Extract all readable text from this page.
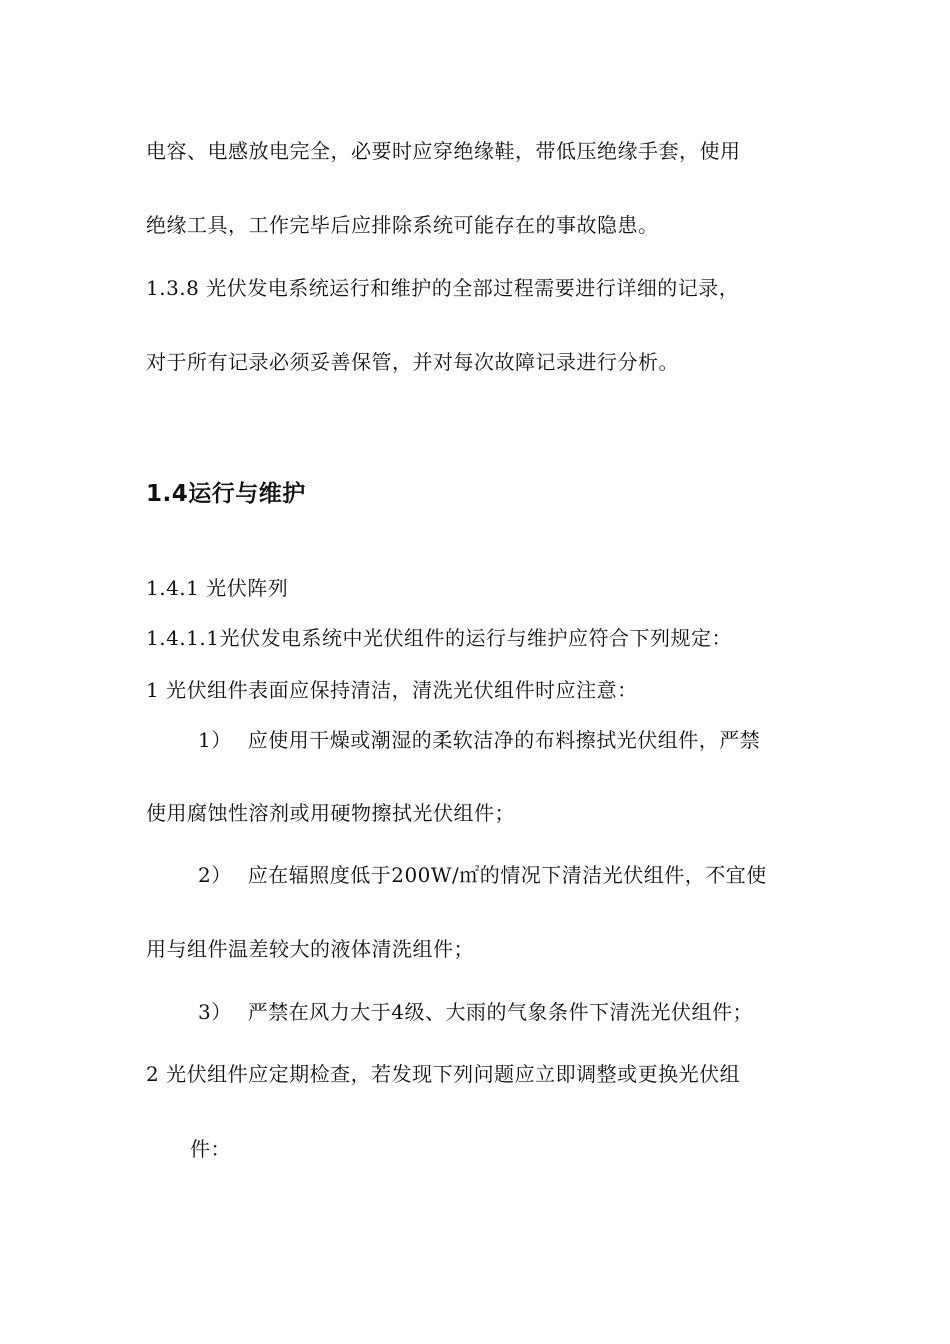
电容、电感放电完全，必要时应穿绝缘鞋，带低压绝缘手套，使用
绝缘工具，工作完毕后应排除系统可能存在的事故隐患。
1.3.8 光伏发电系统运行和维护的全部过程需要进行详细的记录，
对于所有记录必须妥善保管，并对每次故障记录进行分析。
1.4运行与维护
1.4.1 光伏阵列
1.4.1.1光伏发电系统中光伏组件的运行与维护应符合下列规定：
1 光伏组件表面应保持清洁，清洗光伏组件时应注意：
1） 应使用干燥或潮湿的柔软洁净的布料擦拭光伏组件，严禁
使用腐蚀性溶剂或用硬物擦拭光伏组件；
2） 应在辐照度低于200W/㎡的情况下清洁光伏组件，不宜使
用与组件温差较大的液体清洗组件；
3） 严禁在风力大于4级、大雨的气象条件下清洗光伏组件；
2 光伏组件应定期检查，若发现下列问题应立即调整或更换光伏组
件：
